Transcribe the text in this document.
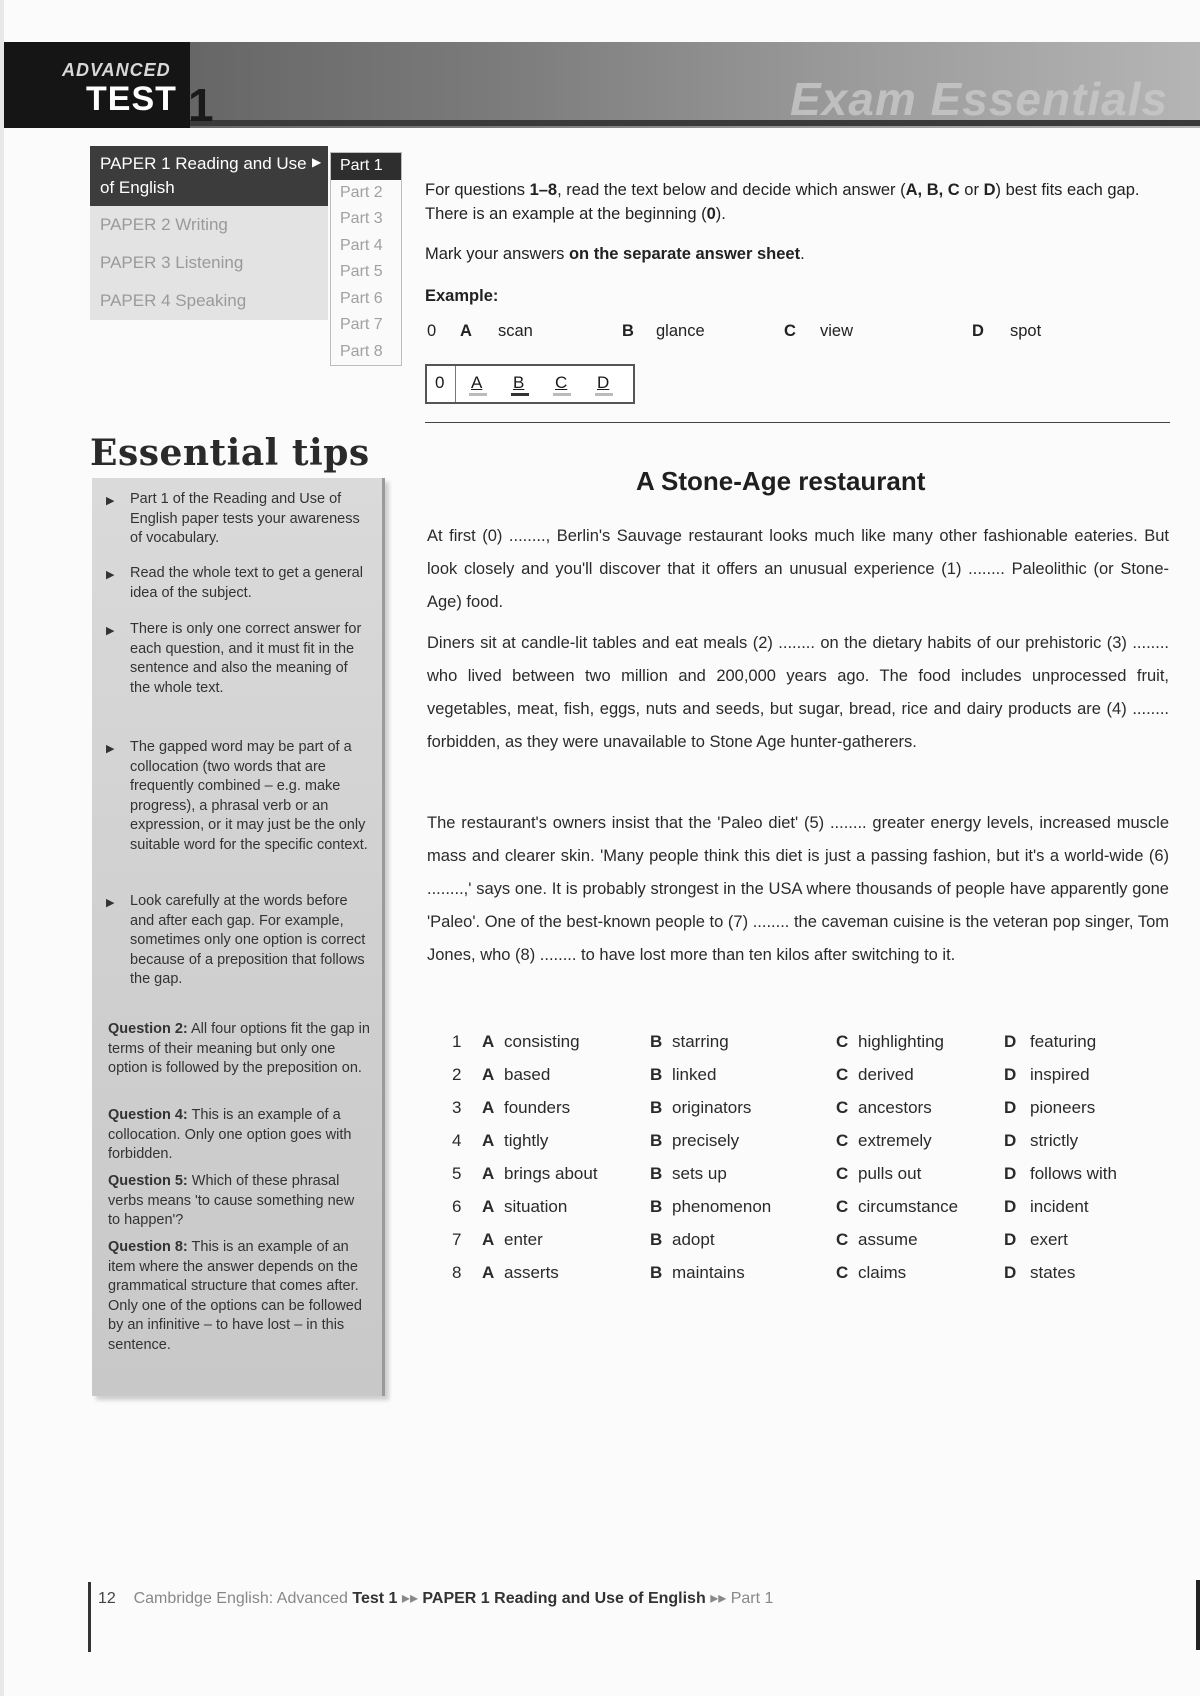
ADVANCED
TEST 1	Exam Essentials
PAPER 1 Reading and Use of English
▶
PAPER 2 Writing
PAPER 3 Listening
PAPER 4 Speaking
Part 1
Part 2
Part 3
Part 4
Part 5
Part 6
Part 7
Part 8
For questions 1–8, read the text below and decide which answer (A, B, C or D) best fits each gap. There is an example at the beginning (0).
Mark your answers on the separate answer sheet.
Example:
0 A scan	B glance	C view	D spot
0 A B C D
Essential tips
▶ Part 1 of the Reading and Use of English paper tests your awareness of vocabulary.
▶ Read the whole text to get a general idea of the subject.
▶ There is only one correct answer for each question, and it must fit in the sentence and also the meaning of the whole text.
▶ The gapped word may be part of a collocation (two words that are frequently combined – e.g. make progress), a phrasal verb or an expression, or it may just be the only suitable word for the specific context.
▶ Look carefully at the words before and after each gap. For example, sometimes only one option is correct because of a preposition that follows the gap.
Question 2: All four options fit the gap in terms of their meaning but only one option is followed by the preposition on.
Question 4: This is an example of a collocation. Only one option goes with forbidden.
Question 5: Which of these phrasal verbs means 'to cause something new to happen'?
Question 8: This is an example of an item where the answer depends on the grammatical structure that comes after. Only one of the options can be followed by an infinitive – to have lost – in this sentence.
A Stone-Age restaurant
At first (0) ........, Berlin's Sauvage restaurant looks much like many other fashionable eateries. But look closely and you'll discover that it offers an unusual experience (1) ........ Paleolithic (or Stone-Age) food.
Diners sit at candle-lit tables and eat meals (2) ........ on the dietary habits of our prehistoric (3) ........ who lived between two million and 200,000 years ago. The food includes unprocessed fruit, vegetables, meat, fish, eggs, nuts and seeds, but sugar, bread, rice and dairy products are (4) ........ forbidden, as they were unavailable to Stone Age hunter-gatherers.
The restaurant's owners insist that the 'Paleo diet' (5) ........ greater energy levels, increased muscle mass and clearer skin. 'Many people think this diet is just a passing fashion, but it's a world-wide (6) ........,' says one. It is probably strongest in the USA where thousands of people have apparently gone 'Paleo'. One of the best-known people to (7) ........ the caveman cuisine is the veteran pop singer, Tom Jones, who (8) ........ to have lost more than ten kilos after switching to it.
1 A consisting	B starring	C highlighting	D featuring
2 A based	B linked	C derived	D inspired
3 A founders	B originators	C ancestors	D pioneers
4 A tightly	B precisely	C extremely	D strictly
5 A brings about	B sets up	C pulls out	D follows with
6 A situation	B phenomenon	C circumstance	D incident
7 A enter	B adopt	C assume	D exert
8 A asserts	B maintains	C claims	D states
12 Cambridge English: Advanced Test 1 ▸▸ PAPER 1 Reading and Use of English ▸▸ Part 1
